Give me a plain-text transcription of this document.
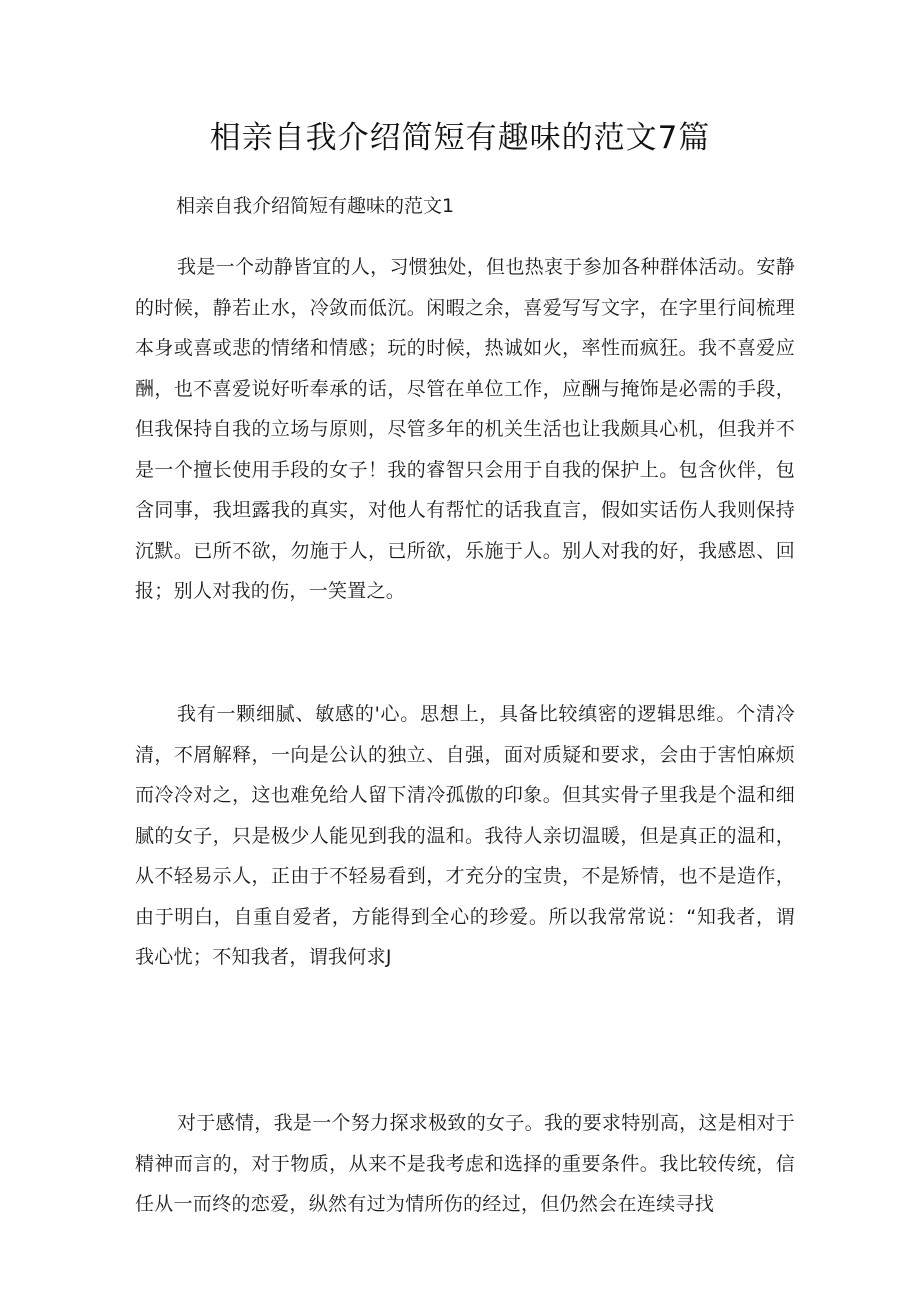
相亲自我介绍简短有趣味的范文7篇

相亲自我介绍简短有趣味的范文1

我是一个动静皆宜的人，习惯独处，但也热衷于参加各种群体活动。安静的时候，静若止水，冷敛而低沉。闲暇之余，喜爱写写文字，在字里行间梳理本身或喜或悲的情绪和情感；玩的时候，热诚如火，率性而疯狂。我不喜爱应酬，也不喜爱说好听奉承的话，尽管在单位工作，应酬与掩饰是必需的手段，但我保持自我的立场与原则，尽管多年的机关生活也让我颇具心机，但我并不是一个擅长使用手段的女子！我的睿智只会用于自我的保护上。包含伙伴，包含同事，我坦露我的真实，对他人有帮忙的话我直言，假如实话伤人我则保持沉默。已所不欲，勿施于人，已所欲，乐施于人。别人对我的好，我感恩、回报；别人对我的伤，一笑置之。

我有一颗细腻、敏感的'心。思想上，具备比较缜密的逻辑思维。个清冷清，不屑解释，一向是公认的独立、自强，面对质疑和要求，会由于害怕麻烦而冷冷对之，这也难免给人留下清冷孤傲的印象。但其实骨子里我是个温和细腻的女子，只是极少人能见到我的温和。我待人亲切温暖，但是真正的温和，从不轻易示人，正由于不轻易看到，才充分的宝贵，不是矫情，也不是造作，由于明白，自重自爱者，方能得到全心的珍爱。所以我常常说：“知我者，谓我心忧；不知我者，谓我何求J

对于感情，我是一个努力探求极致的女子。我的要求特别高，这是相对于精神而言的，对于物质，从来不是我考虑和选择的重要条件。我比较传统，信任从一而终的恋爱，纵然有过为情所伤的经过，但仍然会在连续寻找
